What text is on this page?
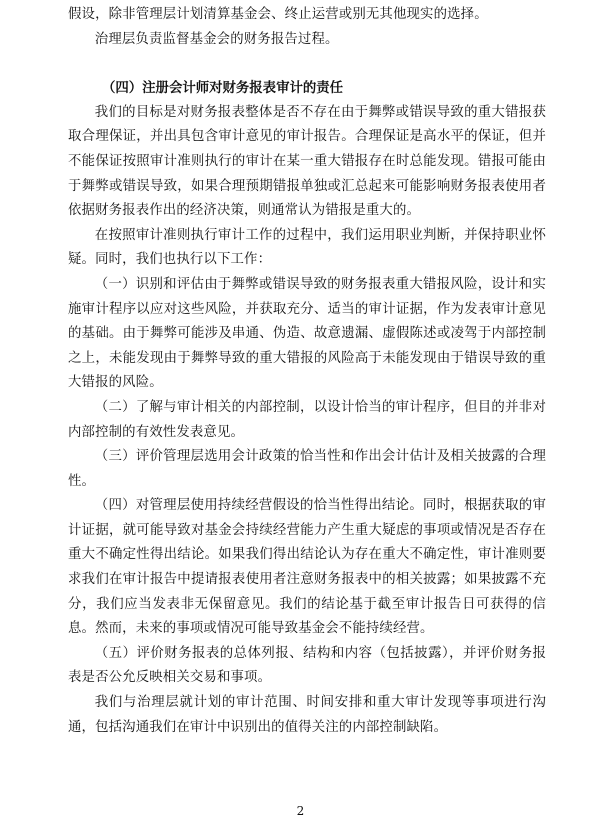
假设，除非管理层计划清算基金会、终止运营或别无其他现实的选择。

治理层负责监督基金会的财务报告过程。

（四）注册会计师对财务报表审计的责任

我们的目标是对财务报表整体是否不存在由于舞弊或错误导致的重大错报获取合理保证，并出具包含审计意见的审计报告。合理保证是高水平的保证，但并不能保证按照审计准则执行的审计在某一重大错报存在时总能发现。错报可能由于舞弊或错误导致，如果合理预期错报单独或汇总起来可能影响财务报表使用者依据财务报表作出的经济决策，则通常认为错报是重大的。

在按照审计准则执行审计工作的过程中，我们运用职业判断，并保持职业怀疑。同时，我们也执行以下工作：

（一）识别和评估由于舞弊或错误导致的财务报表重大错报风险，设计和实施审计程序以应对这些风险，并获取充分、适当的审计证据，作为发表审计意见的基础。由于舞弊可能涉及串通、伪造、故意遗漏、虚假陈述或凌驾于内部控制之上，未能发现由于舞弊导致的重大错报的风险高于未能发现由于错误导致的重大错报的风险。

（二）了解与审计相关的内部控制，以设计恰当的审计程序，但目的并非对内部控制的有效性发表意见。

（三）评价管理层选用会计政策的恰当性和作出会计估计及相关披露的合理性。

（四）对管理层使用持续经营假设的恰当性得出结论。同时，根据获取的审计证据，就可能导致对基金会持续经营能力产生重大疑虑的事项或情况是否存在重大不确定性得出结论。如果我们得出结论认为存在重大不确定性，审计准则要求我们在审计报告中提请报表使用者注意财务报表中的相关披露；如果披露不充分，我们应当发表非无保留意见。我们的结论基于截至审计报告日可获得的信息。然而，未来的事项或情况可能导致基金会不能持续经营。

（五）评价财务报表的总体列报、结构和内容（包括披露），并评价财务报表是否公允反映相关交易和事项。

我们与治理层就计划的审计范围、时间安排和重大审计发现等事项进行沟通，包括沟通我们在审计中识别出的值得关注的内部控制缺陷。

2
